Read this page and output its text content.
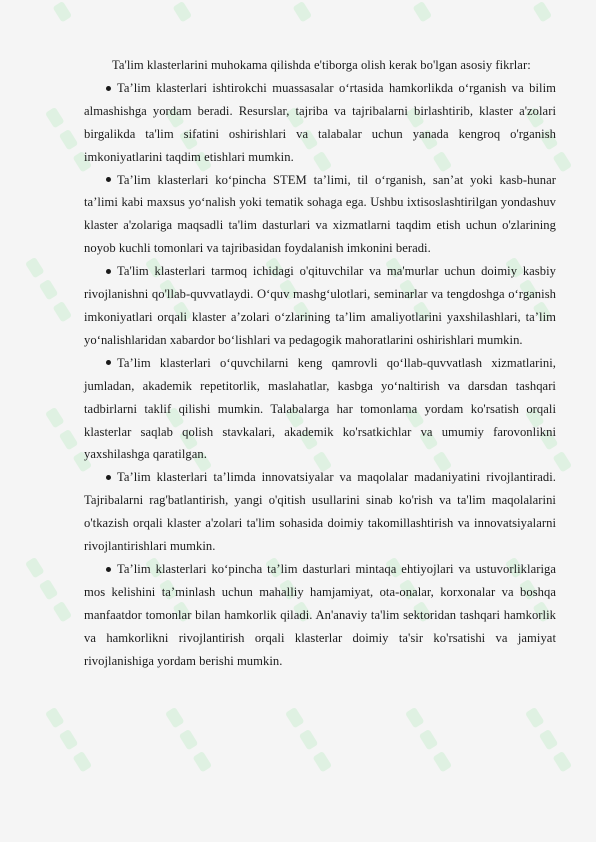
Ta'lim klasterlarini muhokama qilishda e'tiborga olish kerak bo'lgan asosiy fikrlar:

Ta’lim klasterlari ishtirokchi muassasalar o‘rtasida hamkorlikda o‘rganish va bilim almashishga yordam beradi. Resurslar, tajriba va tajribalarni birlashtirib, klaster a'zolari birgalikda ta'lim sifatini oshirishlari va talabalar uchun yanada kengroq o'rganish imkoniyatlarini taqdim etishlari mumkin.

Ta’lim klasterlari ko‘pincha STEM ta’limi, til o‘rganish, san’at yoki kasb-hunar ta’limi kabi maxsus yo‘nalish yoki tematik sohaga ega. Ushbu ixtisoslashtirilgan yondashuv klaster a'zolariga maqsadli ta'lim dasturlari va xizmatlarni taqdim etish uchun o'zlarining noyob kuchli tomonlari va tajribasidan foydalanish imkonini beradi.

Ta'lim klasterlari tarmoq ichidagi o'qituvchilar va ma'murlar uchun doimiy kasbiy rivojlanishni qo'llab-quvvatlaydi. O‘quv mashg‘ulotlari, seminarlar va tengdoshga o‘rganish imkoniyatlari orqali klaster a’zolari o‘zlarining ta’lim amaliyotlarini yaxshilashlari, ta’lim yo‘nalishlaridan xabardor bo‘lishlari va pedagogik mahoratlarini oshirishlari mumkin.

Ta’lim klasterlari o‘quvchilarni keng qamrovli qo‘llab-quvvatlash xizmatlarini, jumladan, akademik repetitorlik, maslahatlar, kasbga yo‘naltirish va darsdan tashqari tadbirlarni taklif qilishi mumkin. Talabalarga har tomonlama yordam ko'rsatish orqali klasterlar saqlab qolish stavkalari, akademik ko'rsatkichlar va umumiy farovonlikni yaxshilashga qaratilgan.

Ta’lim klasterlari ta’limda innovatsiyalar va maqolalar madaniyatini rivojlantiradi. Tajribalarni rag'batlantirish, yangi o'qitish usullarini sinab ko'rish va ta'lim maqolalarini o'tkazish orqali klaster a'zolari ta'lim sohasida doimiy takomillashtirish va innovatsiyalarni rivojlantirishlari mumkin.

Ta’lim klasterlari ko‘pincha ta’lim dasturlari mintaqa ehtiyojlari va ustuvorliklariga mos kelishini ta’minlash uchun mahalliy hamjamiyat, ota-onalar, korxonalar va boshqa manfaatdor tomonlar bilan hamkorlik qiladi. An'anaviy ta'lim sektoridan tashqari hamkorlik va hamkorlikni rivojlantirish orqali klasterlar doimiy ta'sir ko'rsatishi va jamiyat rivojlanishiga yordam berishi mumkin.
